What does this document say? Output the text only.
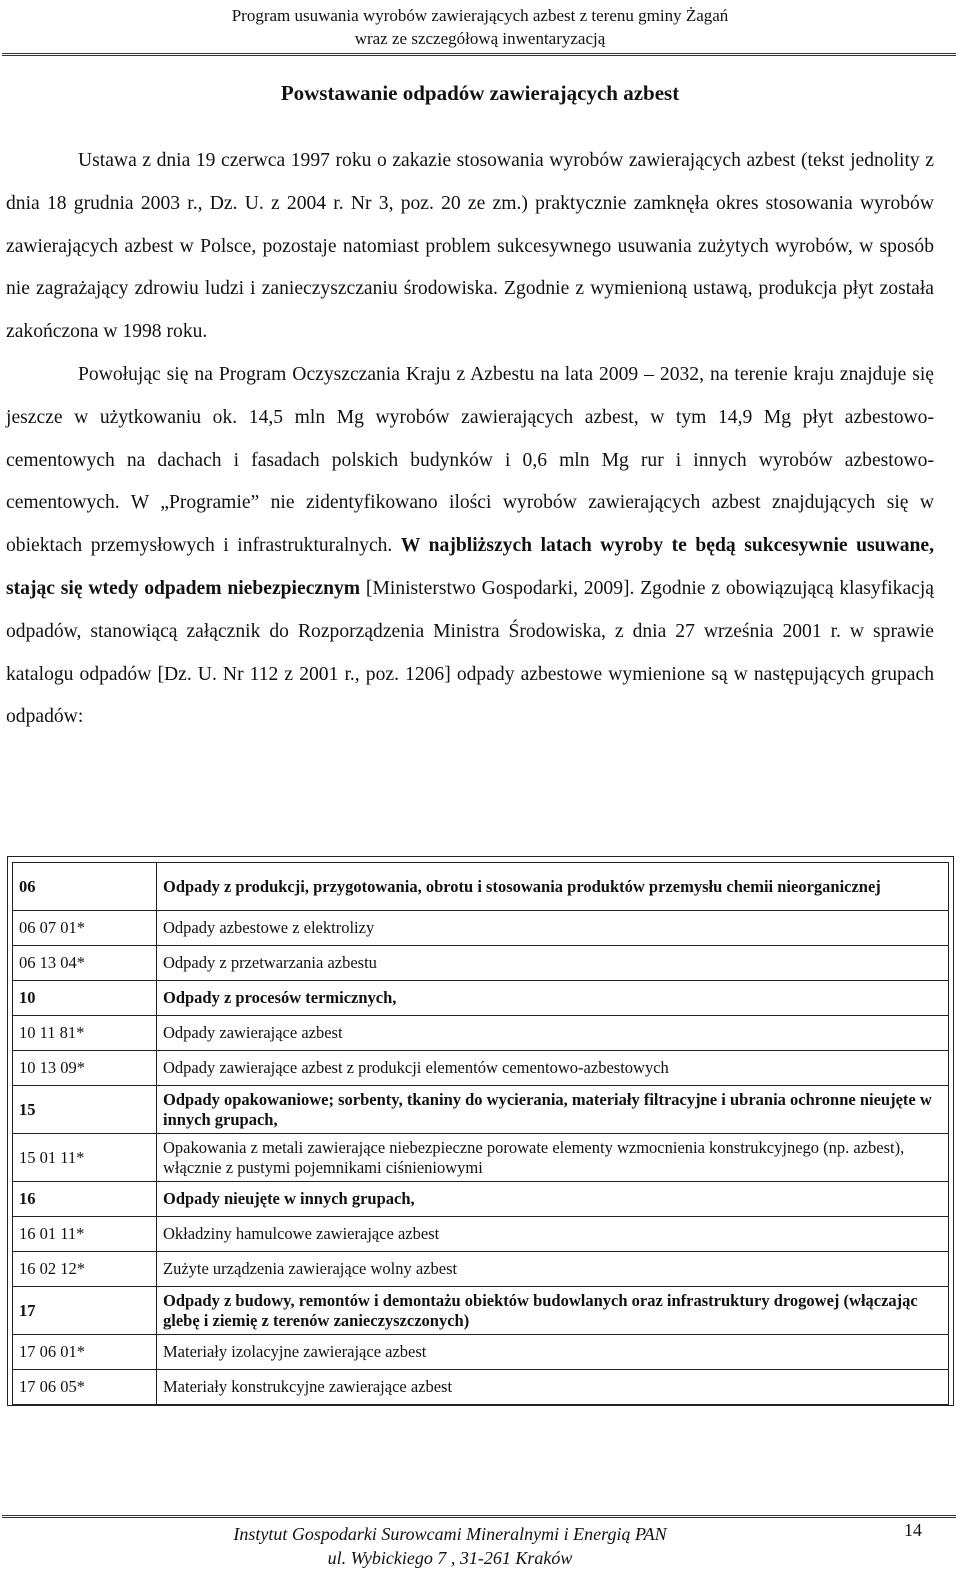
Program usuwania wyrobów zawierających azbest z terenu gminy Żagań
wraz ze szczegółową inwentaryzacją
Powstawanie odpadów zawierających azbest

Ustawa z dnia 19 czerwca 1997 roku o zakazie stosowania wyrobów zawierających azbest (tekst jednolity z dnia 18 grudnia 2003 r., Dz. U. z 2004 r. Nr 3, poz. 20 ze zm.) praktycznie zamknęła okres stosowania wyrobów zawierających azbest w Polsce, pozostaje natomiast problem sukcesywnego usuwania zużytych wyrobów, w sposób nie zagrażający zdrowiu ludzi i zanieczyszczaniu środowiska. Zgodnie z wymienioną ustawą, produkcja płyt została zakończona w 1998 roku.

Powołując się na Program Oczyszczania Kraju z Azbestu na lata 2009 – 2032, na terenie kraju znajduje się jeszcze w użytkowaniu ok. 14,5 mln Mg wyrobów zawierających azbest, w tym 14,9 Mg płyt azbestowo-cementowych na dachach i fasadach polskich budynków i 0,6 mln Mg rur i innych wyrobów azbestowo-cementowych. W „Programie” nie zidentyfikowano ilości wyrobów zawierających azbest znajdujących się w obiektach przemysłowych i infrastrukturalnych. W najbliższych latach wyroby te będą sukcesywnie usuwane, stając się wtedy odpadem niebezpiecznym [Ministerstwo Gospodarki, 2009]. Zgodnie z obowiązującą klasyfikacją odpadów, stanowiącą załącznik do Rozporządzenia Ministra Środowiska, z dnia 27 września 2001 r. w sprawie katalogu odpadów [Dz. U. Nr 112 z 2001 r., poz. 1206] odpady azbestowe wymienione są w następujących grupach odpadów:

06	Odpady z produkcji, przygotowania, obrotu i stosowania produktów przemysłu chemii nieorganicznej

06 07 01*	Odpady azbestowe z elektrolizy
06 13 04*	Odpady z przetwarzania azbestu
10	Odpady z procesów termicznych,
10 11 81*	Odpady zawierające azbest
10 13 09*	Odpady zawierające azbest z produkcji elementów cementowo-azbestowych
15	Odpady opakowaniowe; sorbenty, tkaniny do wycierania, materiały filtracyjne i ubrania ochronne nieujęte w innych grupach,
15 01 11*	Opakowania z metali zawierające niebezpieczne porowate elementy wzmocnienia konstrukcyjnego (np. azbest), włącznie z pustymi pojemnikami ciśnieniowymi
16	Odpady nieujęte w innych grupach,
16 01 11*	Okładziny hamulcowe zawierające azbest
16 02 12*	Zużyte urządzenia zawierające wolny azbest
17	Odpady z budowy, remontów i demontażu obiektów budowlanych oraz infrastruktury drogowej (włączając glebę i ziemię z terenów zanieczyszczonych)
17 06 01*	Materiały izolacyjne zawierające azbest
17 06 05*	Materiały konstrukcyjne zawierające azbest
Instytut Gospodarki Surowcami Mineralnymi i Energią PAN
ul. Wybickiego 7 , 31-261 Kraków
14
